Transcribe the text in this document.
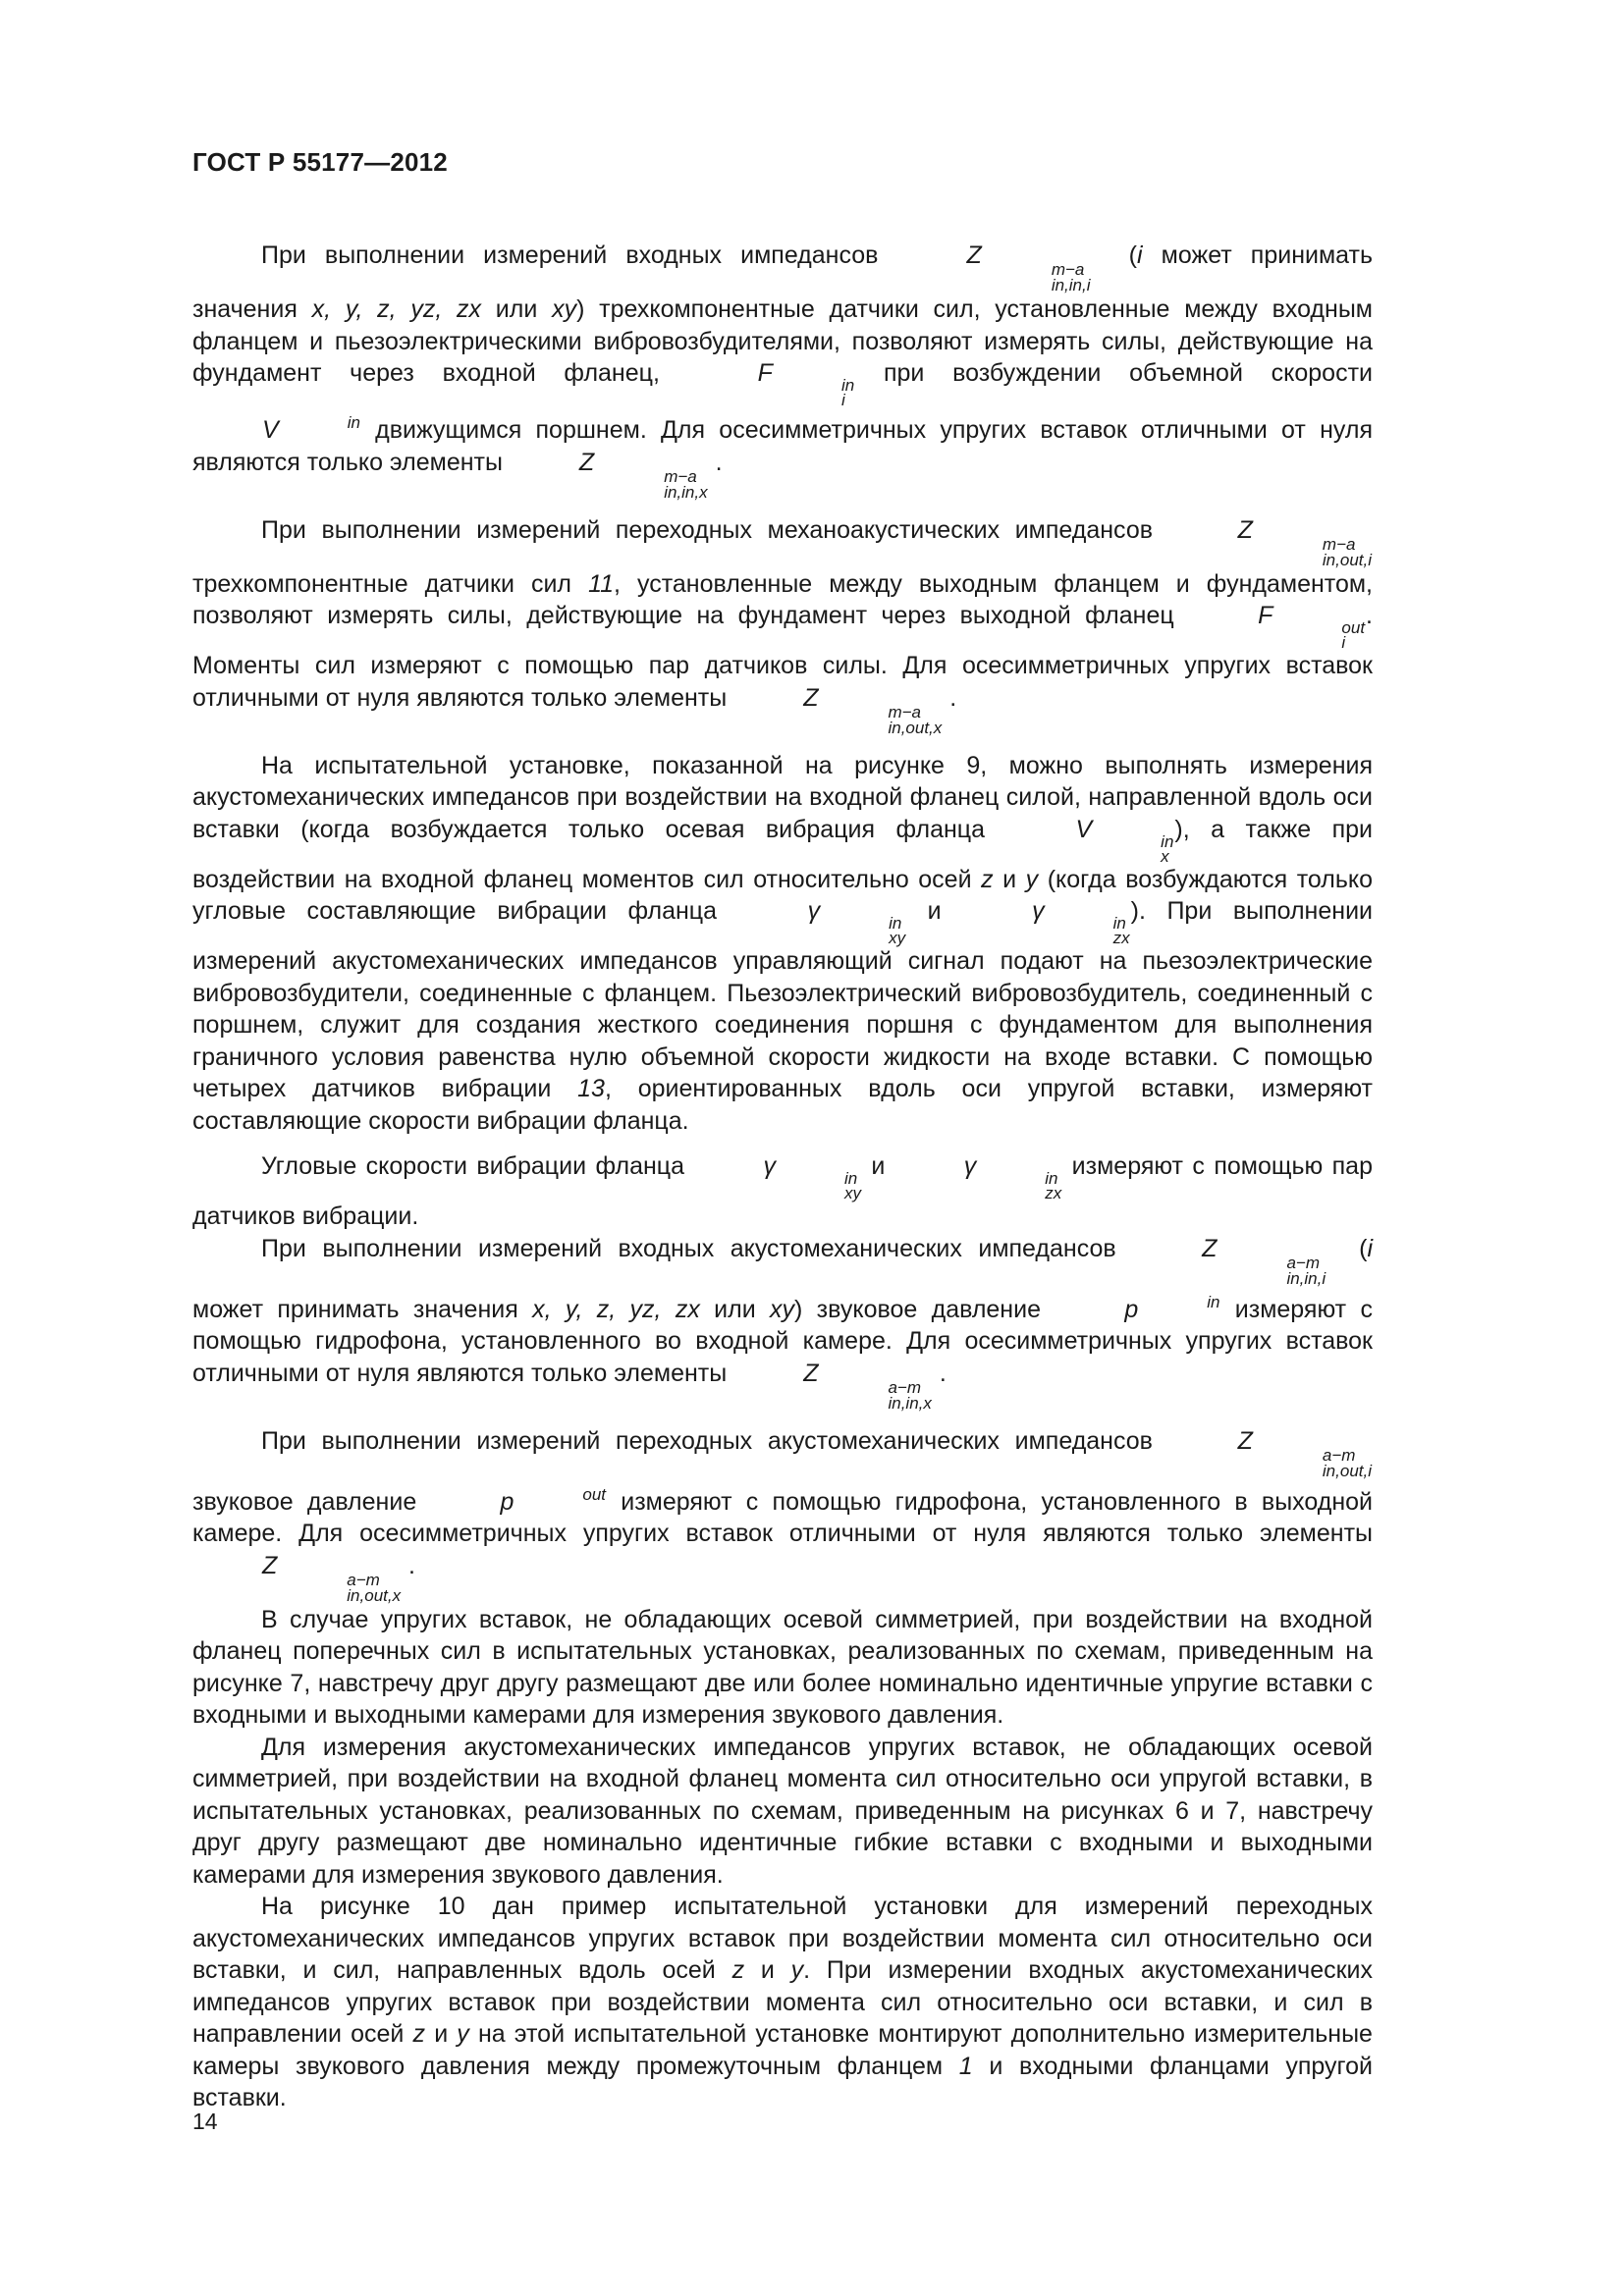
ГОСТ Р 55177—2012

При выполнении измерений входных импедансов	Z
m−a
in,in,i
(i может принимать значения x, y, z, yz, zx или xy) трехкомпонентные датчики сил, установленные между входным фланцем и пьезоэлектрическими вибровозбудителями, позволяют измерять силы, действующие на фундамент через входной фланец,	F	in
i
при возбуждении объемной скорости V	in движущимся поршнем. Для осесимметричных упругих вставок отличными от нуля являются только элементы	Z
m−a
in,in,x
.

При выполнении измерений переходных механоакустических импедансов	Z
m−a
in,out,i
трехкомпонентные датчики сил 11, установленные между выходным фланцем и фундаментом, позволяют измерять силы, действующие на фундамент через выходной фланец	F	out
i
. Моменты сил измеряют с помощью пар датчиков силы. Для осесимметричных упругих вставок отличными от нуля являются только элементы	Z
m−a
in,out,x
.

На испытательной установке, показанной на рисунке 9, можно выполнять измерения акустомеханических импедансов при воздействии на входной фланец силой, направленной вдоль оси вставки (когда возбуждается только осевая вибрация фланца	V	in
x
), а также при воздействии на входной фланец моментов сил относительно осей z и y (когда возбуждаются только угловые составляющие вибрации фланца	γ	in
xy
и	γ	in
zx
). При выполнении измерений акустомеханических импедансов управляющий сигнал подают на пьезоэлектрические вибровозбудители, соединенные с фланцем. Пьезоэлектрический вибровозбудитель, соединенный с поршнем, служит для создания жесткого соединения поршня с фундаментом для выполнения граничного условия равенства нулю объемной скорости жидкости на входе вставки. С помощью четырех датчиков вибрации 13, ориентированных вдоль оси упругой вставки, измеряют составляющие скорости вибрации фланца.

Угловые скорости вибрации фланца	γ	in
xy
и	γ	in
zx
измеряют с помощью пар датчиков вибрации.

При выполнении измерений входных акустомеханических импедансов	Z
a−m
in,in,i
(i может принимать значения x, y, z, yz, zx или xy) звуковое давление	p	in измеряют с помощью гидрофона, установленного во входной камере. Для осесимметричных упругих вставок отличными от нуля являются только элементы	Z
a−m
in,in,x
.

При выполнении измерений переходных акустомеханических импедансов	Z
a−m
in,out,i
звуковое давление	p	out измеряют с помощью гидрофона, установленного в выходной камере. Для осесимметричных упругих вставок отличными от нуля являются только элементы Z
a−m
in,out,x
.

В случае упругих вставок, не обладающих осевой симметрией, при воздействии на входной фланец поперечных сил в испытательных установках, реализованных по схемам, приведенным на рисунке 7, навстречу друг другу размещают две или более номинально идентичные упругие вставки с входными и выходными камерами для измерения звукового давления.

Для измерения акустомеханических импедансов упругих вставок, не обладающих осевой симметрией, при воздействии на входной фланец момента сил относительно оси упругой вставки, в испытательных установках, реализованных по схемам, приведенным на рисунках 6 и 7, навстречу друг другу размещают две номинально идентичные гибкие вставки с входными и выходными камерами для измерения звукового давления.

На рисунке 10 дан пример испытательной установки для измерений переходных акустомеханических импедансов упругих вставок при воздействии момента сил относительно оси вставки, и сил, направленных вдоль осей z и y. При измерении входных акустомеханических импедансов упругих вставок при воздействии момента сил относительно оси вставки, и сил в направлении осей z и y на этой испытательной установке монтируют дополнительно измерительные камеры звукового давления между промежуточным фланцем 1 и входными фланцами упругой вставки.

14
